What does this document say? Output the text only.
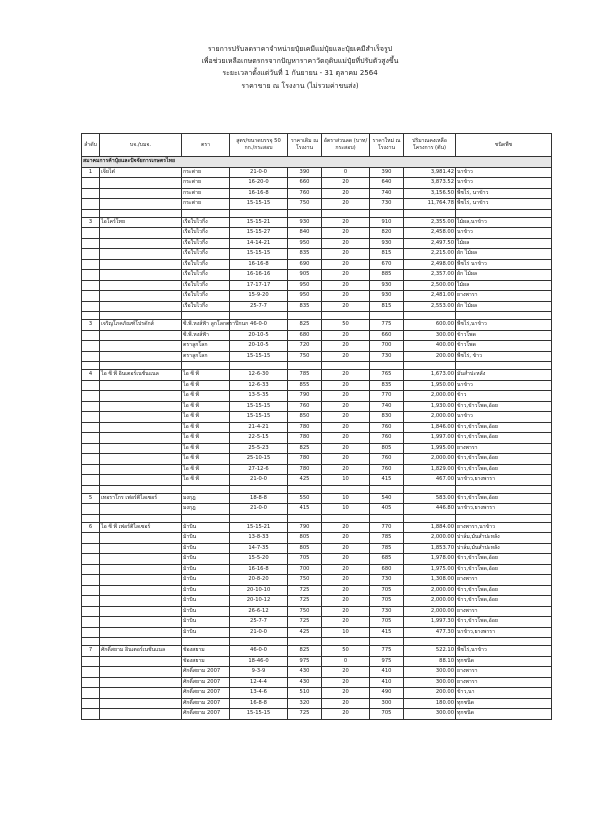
รายการปรับลดราคาจำหน่ายปุ๋ยเคมีแม่ปุ๋ยและปุ๋ยเคมีสำเร็จรูป
เพื่อช่วยเหลือเกษตรกรจากปัญหาราคาวัตถุดิบแม่ปุ๋ยที่ปรับตัวสูงขึ้น
ระยะเวลาตั้งแต่วันที่ 1 กันยายน - 31 ตุลาคม 2564
ราคาขาย ณ โรงงาน (ไม่รวมค่าขนส่ง)
ลำดับ	บจ./บมจ.	ตรา	สูตร/ขนาดบรรจุ 50 กก./กระสอบ	ราคาเดิม ณ โรงงาน	อัตราส่วนลด (บาท/กระสอบ)	ราคาใหม่ ณ โรงงาน	ปริมาณคงเหลือ โครงการ (ตัน)	ชนิดพืช
สมาคมการค้าปุ๋ยและปัจจัยการเกษตรไทย								
1	เจียไต๋	กระต่าย	21-0-0	390	0	390	3,981.42	นาข้าว
		กระต่าย	16-20-0	660	20	640	3,873.52	นาข้าว
		กระต่าย	16-16-8	760	20	740	3,156.50	พืชไร่, นาข้าว
		กระต่าย	15-15-15	750	20	730	11,764.78	พืชไร่, นาข้าว

3	ไอโคร์โทย	เรือใบไวกิ้ง	15-15-21	930	20	910	2,355.00	ไม้ผล,นาข้าว
		เรือใบไวกิ้ง	15-15-27	840	20	820	2,458.00	นาข้าว
		เรือใบไวกิ้ง	14-14-21	950	20	930	2,497.50	ไม้ผล
		เรือใบไวกิ้ง	15-15-15	835	20	815	2,215.00	ผัก ไม้ผล
		เรือใบไวกิ้ง	16-16-8	690	20	670	2,498.00	พืชไร่ นาข้าว
		เรือใบไวกิ้ง	16-16-16	905	20	885	2,357.00	ผัก ไม้ผล
		เรือใบไวกิ้ง	17-17-17	950	20	930	2,500.00	ไม้ผล
		เรือใบไวกิ้ง	15-9-20	950	20	930	2,481.00	ยางพารา
		เรือใบไวกิ้ง	25-7-7	835	20	815	2,553.00	ผัก ไม้ผล

3	เจริญโภคภัณฑ์โปรดักส์	ซี.พี.หงส์ฟ้า ลูกโลกตราปีกนก	46-0-0	825	50	775	600.00	พืชไร่,นาข้าว
		ซี.พี.หงส์ฟ้า	20-10-5	680	20	660	300.00	ข้าวโพด
		ตราลูกโลก	20-10-5	720	20	700	400.00	ข้าวโพด
		ตราลูกโลก	15-15-15	750	20	730	200.00	พืชไร่, ข้าว

4	ไอ ซี พี อินเตอร์เนชั่นแนล	ไอ ซี พี	12-6-30	785	20	765	1,673.00	มันสำปะหลัง
		ไอ ซี พี	12-6-33	855	20	835	1,950.00	นาข้าว
		ไอ ซี พี	13-5-35	790	20	770	2,000.00	ข้าว
		ไอ ซี พี	15-15-15	760	20	740	1,930.00	ข้าว,ข้าวโพด,อ้อย
		ไอ ซี พี	15-15-15	850	20	830	2,000.00	นาข้าว
		ไอ ซี พี	21-4-21	780	20	760	1,846.00	ข้าว,ข้าวโพด,อ้อย
		ไอ ซี พี	22-5-15	780	20	760	1,997.00	ข้าว,ข้าวโพด,อ้อย
		ไอ ซี พี	25-5-23	825	20	805	1,995.00	ยางพารา
		ไอ ซี พี	25-10-15	780	20	760	2,000.00	ข้าว,ข้าวโพด,อ้อย
		ไอ ซี พี	27-12-6	780	20	760	1,829.00	ข้าว,ข้าวโพด,อ้อย
		ไอ ซี พี	21-0-0	425	10	415	467.00	นาข้าว,ยางพารา

5	เทอราโกร เฟอร์ติไลเซอร์	มงกุฎ	18-8-8	550	10	540	583.00	ข้าว,ข้าวโพด,อ้อย
		มงกุฎ	21-0-0	415	10	405	446.80	นาข้าว,ยางพารา

6	ไอ ซี พี เฟอร์ติไลเซอร์	ม้าบิน	15-15-21	790	20	770	1,884.00	ยางพารา,นาข้าว
		ม้าบิน	13-8-33	805	20	785	2,000.00	ปาล์ม,มันสำปะหลัง
		ม้าบิน	14-7-35	805	20	785	1,853.70	ปาล์ม,มันสำปะหลัง
		ม้าบิน	15-5-20	705	20	685	1,978.00	ข้าว,ข้าวโพด,อ้อย
		ม้าบิน	16-16-8	700	20	680	1,975.00	ข้าว,ข้าวโพด,อ้อย
		ม้าบิน	20-8-20	750	20	730	1,308.00	ยางพารา
		ม้าบิน	20-10-10	725	20	705	2,000.00	ข้าว,ข้าวโพด,อ้อย
		ม้าบิน	20-10-12	725	20	705	2,000.00	ข้าว,ข้าวโพด,อ้อย
		ม้าบิน	26-6-12	750	20	730	2,000.00	ยางพารา
		ม้าบิน	25-7-7	725	20	705	1,997.30	ข้าว,ข้าวโพด,อ้อย
		ม้าบิน	21-0-0	425	10	415	477.30	นาข้าว,ยางพารา

7	ศักดิ์สยาม อินเตอร์เนชั่นแนล	ช้องสยาม	46-0-0	825	50	775	522.10	พืชไร่,นาข้าว
		ช้องสยาม	18-46-0	975	0	975	88.10	ทุกชนิด
		ศักดิ์สยาม 2007	9-3-9	430	20	410	300.00	ยางพารา
		ศักดิ์สยาม 2007	12-4-4	430	20	410	300.00	ยางพารา
		ศักดิ์สยาม 2007	13-4-6	510	20	490	200.00	ข้าว,นา
		ศักดิ์สยาม 2007	16-8-8	320	20	300	180.00	ทุกชนิด
		ศักดิ์สยาม 2007	15-15-15	725	20	705	300.00	ทุกชนิด
